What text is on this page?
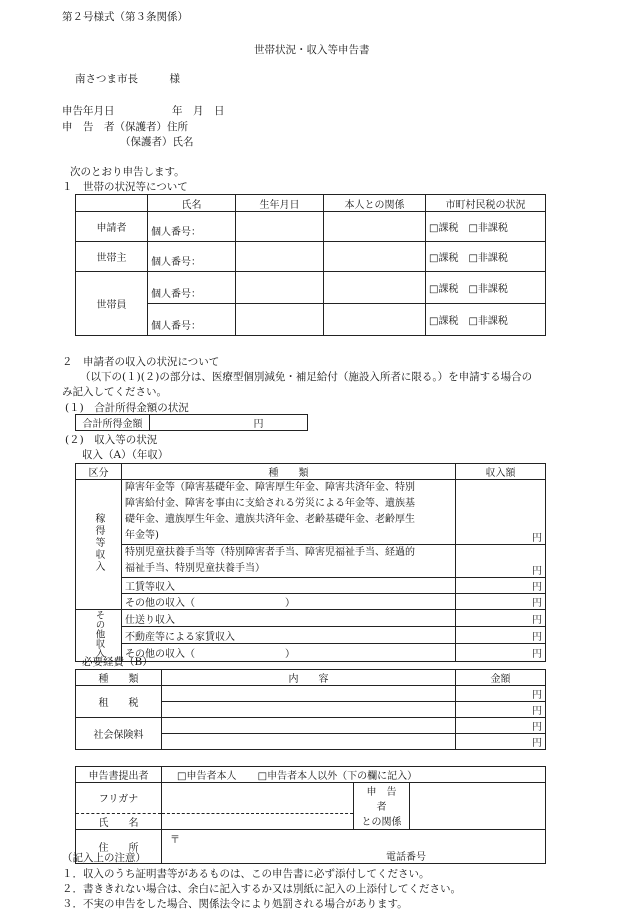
第２号様式（第３条関係）
世帯状況・収入等申告書
南さつま市長　　　様
申告年月日	年　月　日
申　告　者（保護者）住所
（保護者）氏名
次のとおり申告します。
１　世帯の状況等について
	氏名	生年月日	本人との関係	市町村民税の状況
申請者	個人番号：			□課税　□非課税
世帯主	個人番号：			□課税　□非課税
世帯員	個人番号：			□課税　□非課税
	個人番号：			□課税　□非課税
２　申請者の収入の状況について
（以下の(１)(２)の部分は、医療型個別減免・補足給付（施設入所者に限る。）を申請する場合の
み記入してください。
(１)　合計所得金額の状況
合計所得金額	円
(２)　収入等の状況
収入（A）（年収）
区分	種　　類	収入額
稼得等収入	障害年金等（障害基礎年金、障害厚生年金、障害共済年金、特別
障害給付金、障害を事由に支給される労災による年金等、遺族基
礎年金、遺族厚生年金、遺族共済年金、老齢基礎年金、老齢厚生
年金等)	円

	特別児童扶養手当等（特別障害者手当、障害児福祉手当、経過的
福祉手当、特別児童扶養手当）	円
	工賃等収入	円
	その他の収入（　　　　　　　　　）	円
その他収入	仕送り収入	円
	不動産等による家賃収入	円
	その他の収入（　　　　　　　　　）	円
必要経費（B）
種　　類	内　　容	金額
租　　税		円
		円
社会保険料		円
		円
申告書提出者	□申告者本人 □申告者本人以外（下の欄に記入）		
フリガナ		申　告　者	
氏　　名		との関係	
住　　所	〒
電話番号		
（記入上の注意）
１．収入のうち証明書等があるものは、この申告書に必ず添付してください。
２．書ききれない場合は、余白に記入するか又は別紙に記入の上添付してください。
３．不実の申告をした場合、関係法令により処罰される場合があります。
